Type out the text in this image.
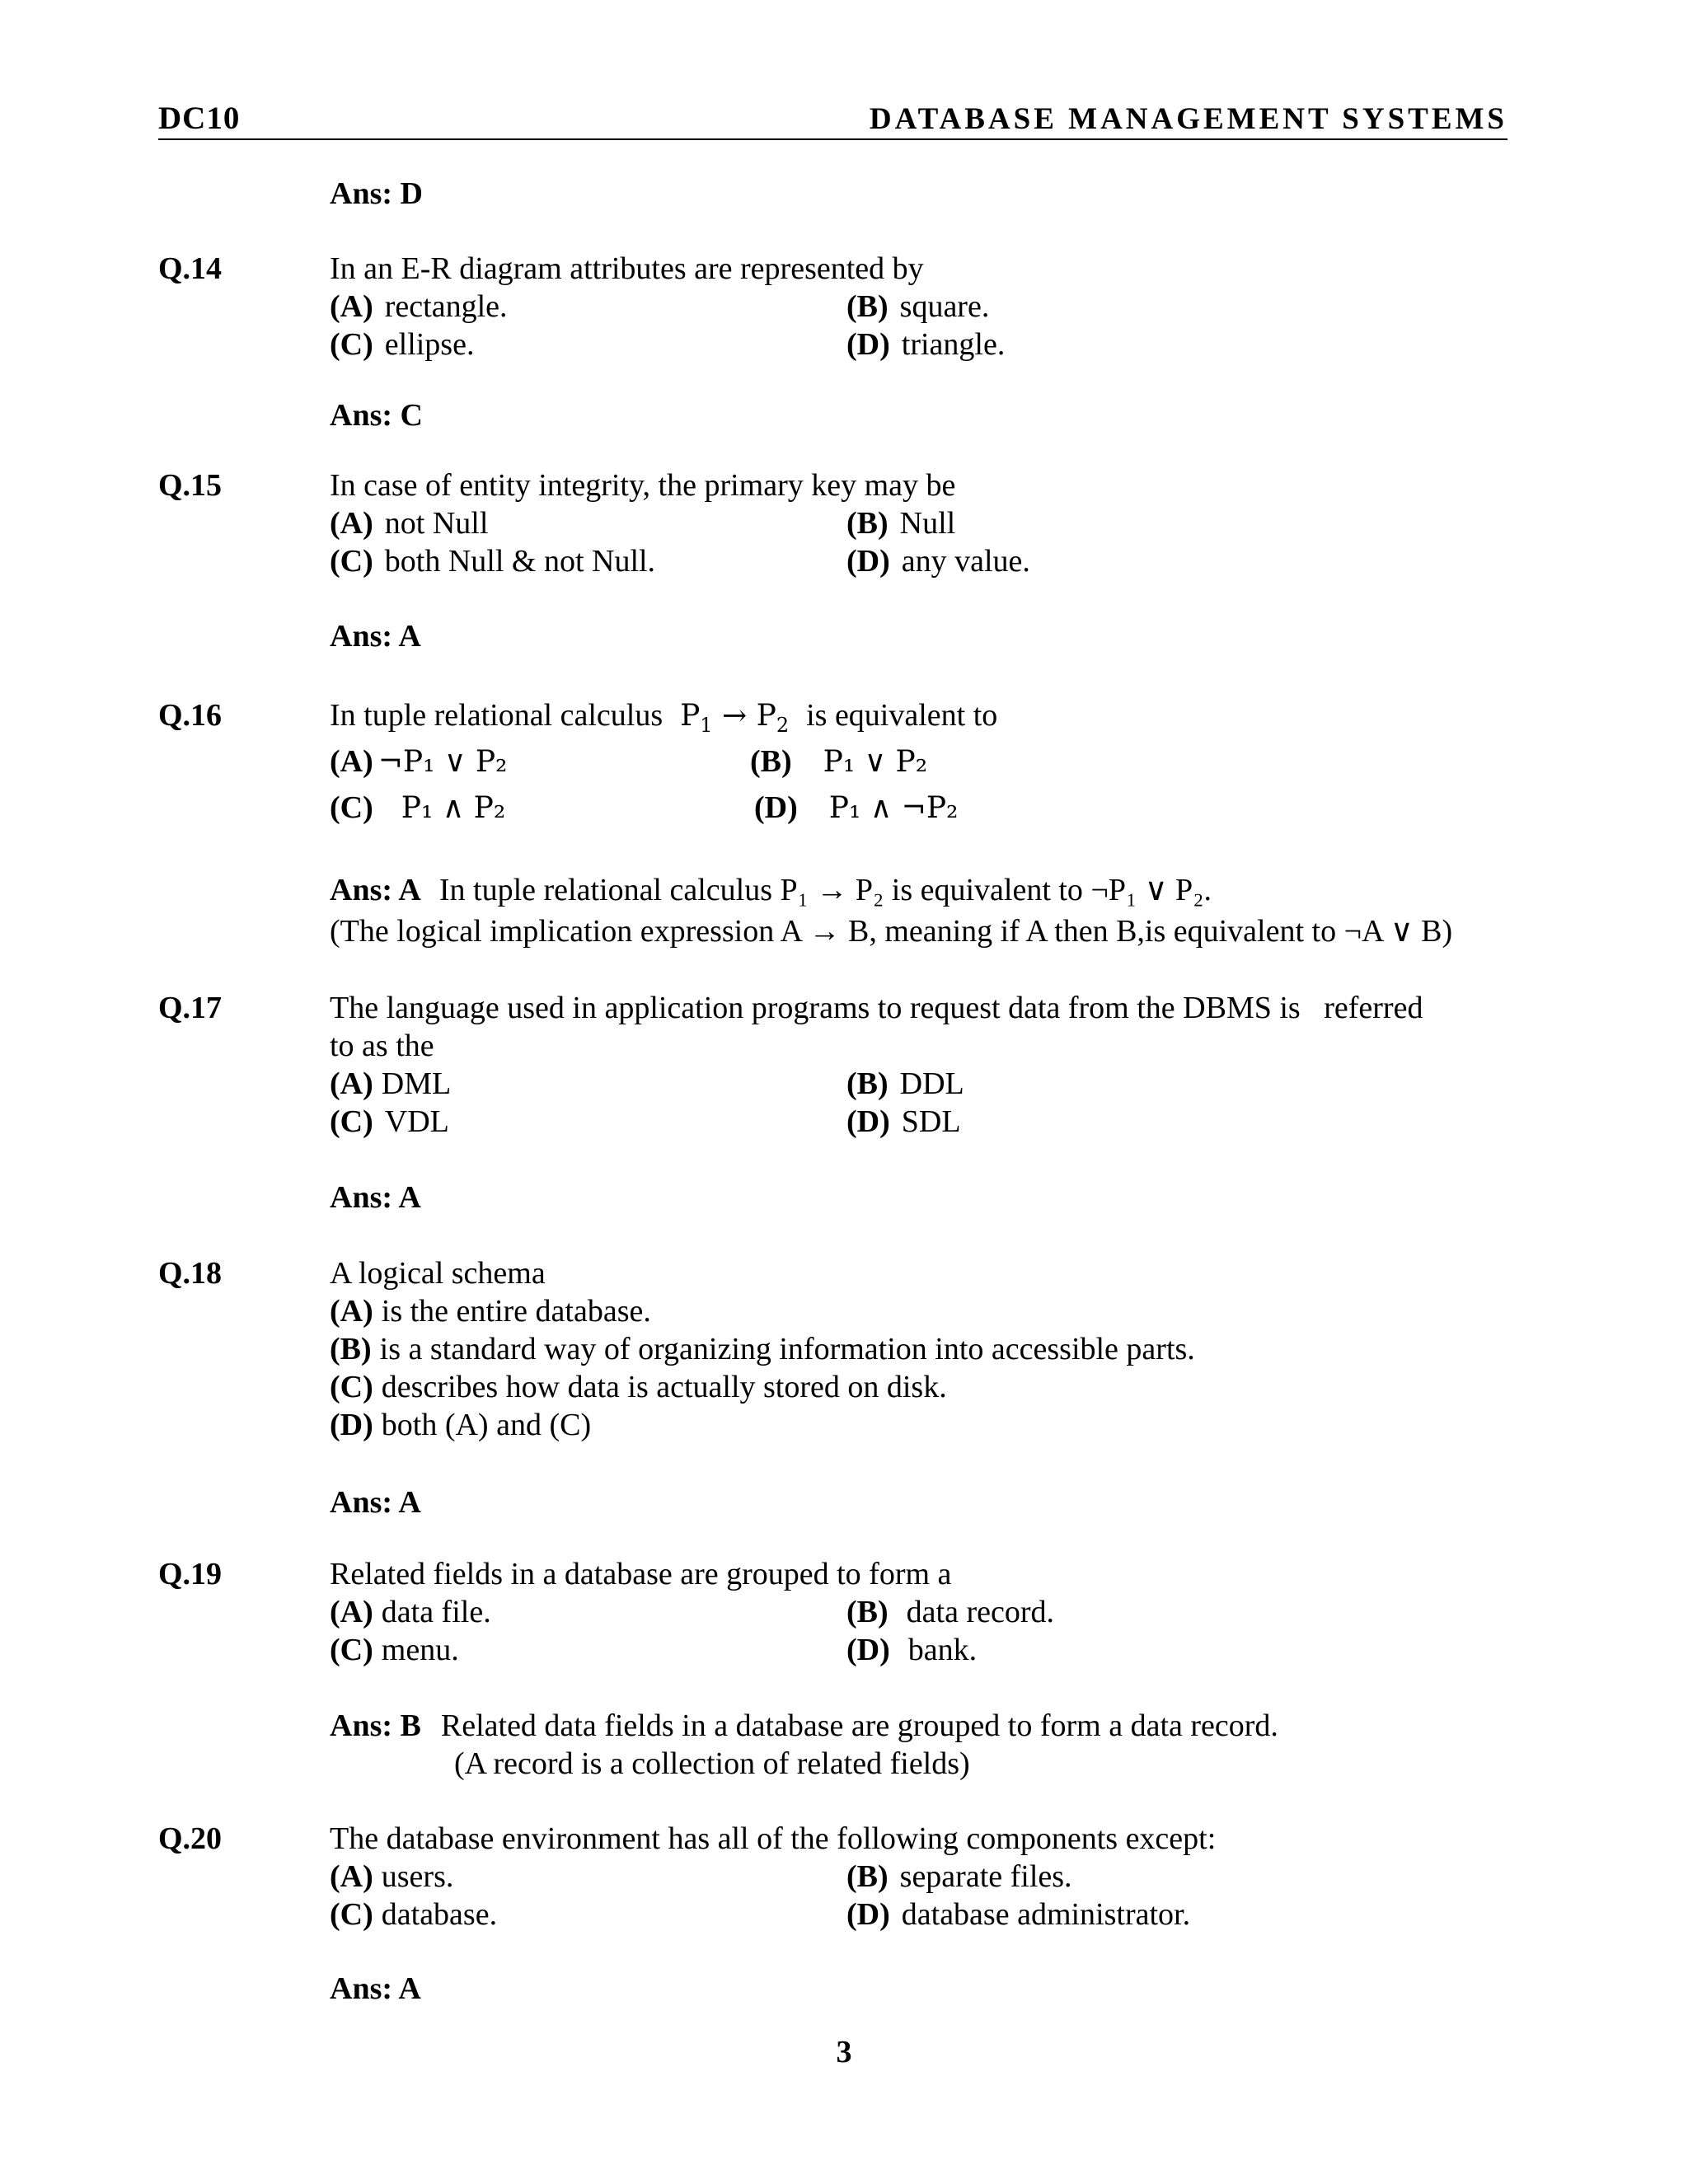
DC10	DATABASE MANAGEMENT SYSTEMS
Ans: D
Q.14	In an E-R diagram attributes are represented by
(A) rectangle.	(B) square.
(C) ellipse.	(D) triangle.
Ans: C
Q.15	In case of entity integrity, the primary key may be
(A) not Null	(B) Null
(C) both Null & not Null.	(D) any value.
Ans: A
Q.16	In tuple relational calculus  $P_1 \to P_2$ is equivalent to
(A) ¬P₁ ∨ P₂	(B) P₁ ∨ P₂
(C) P₁ ∧ P₂	(D) P₁ ∧ ¬P₂
Ans: A In tuple relational calculus P₁ → P₂ is equivalent to ¬P₁ ∨ P₂.
(The logical implication expression A → B, meaning if A then B,is equivalent to ¬A ∨ B)
Q.17	The language used in application programs to request data from the DBMS is   referred
to as the
(A) DML	(B) DDL
(C) VDL	(D) SDL
Ans: A
Q.18	A logical schema
(A) is the entire database.
(B) is a standard way of organizing information into accessible parts.
(C) describes how data is actually stored on disk.
(D) both (A) and (C)
Ans: A
Q.19	Related fields in a database are grouped to form a
(A) data file.	(B) data record.
(C) menu.	(D) bank.
Ans: B Related data fields in a database are grouped to form a data record.
(A record is a collection of related fields)
Q.20	The database environment has all of the following components except:
(A) users.	(B) separate files.
(C) database.	(D) database administrator.
Ans: A
3
